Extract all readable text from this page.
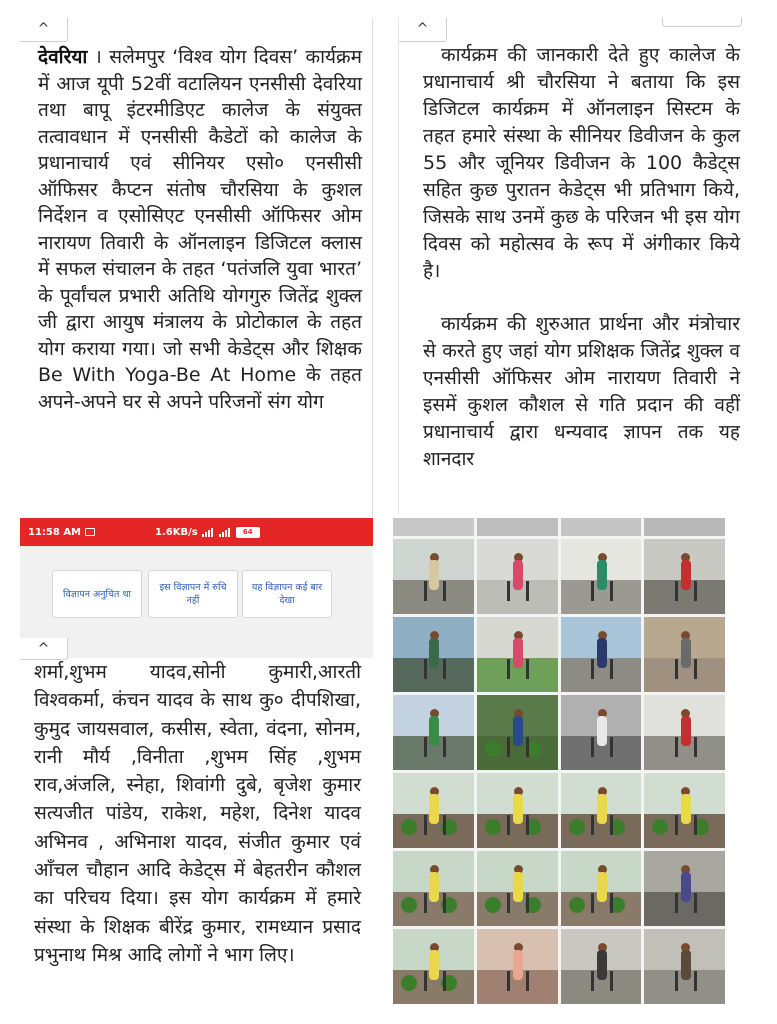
^
देवरिया । सलेमपुर ‘विश्व योग दिवस’ कार्यक्रम में आज यूपी 52वीं वटालियन एनसीसी देवरिया तथा बापू इंटरमीडिएट कालेज के संयुक्त तत्वावधान में एनसीसी कैडेटों को कालेज के प्रधानाचार्य एवं सीनियर एसो० एनसीसी ऑफिसर कैप्टन संतोष चौरसिया के कुशल निर्देशन व एसोसिएट एनसीसी ऑफिसर ओम नारायण तिवारी के ऑनलाइन डिजिटल क्लास में सफल संचालन के तहत ‘पतंजलि युवा भारत’ के पूर्वांचल प्रभारी अतिथि योगगुरु जितेंद्र शुक्ल जी द्वारा आयुष मंत्रालय के प्रोटोकाल के तहत योग कराया गया। जो सभी केडेट्स और शिक्षक Be With Yoga-Be At Home के तहत अपने-अपने घर से अपने परिजनों संग योग
^

कार्यक्रम की जानकारी देते हुए कालेज के प्रधानाचार्य श्री चौरसिया ने बताया कि इस डिजिटल कार्यक्रम में ऑनलाइन सिस्टम के तहत हमारे संस्था के सीनियर डिवीजन के कुल 55 और जूनियर डिवीजन के 100 कैडेट्स सहित कुछ पुरातन केडेट्स भी प्रतिभाग किये, जिसके साथ उनमें कुछ के परिजन भी इस योग दिवस को महोत्सव के रूप में अंगीकार किये है।

कार्यक्रम की शुरुआत प्रार्थना और मंत्रोचार से करते हुए जहां योग प्रशिक्षक जितेंद्र शुक्ल व एनसीसी ऑफिसर ओम नारायण तिवारी ने इसमें कुशल कौशल से गति प्रदान की वहीं प्रधानाचार्य द्वारा धन्यवाद ज्ञापन तक यह शानदार

11:58 AM	1.6KB/s	64
विज्ञापन अनुचित था
इस विज्ञापन में रुचि नहीं
यह विज्ञापन कई बार देखा
^
शर्मा,शुभम यादव,सोनी कुमारी,आरती विश्वकर्मा, कंचन यादव के साथ कु० दीपशिखा, कुमुद जायसवाल, कसीस, स्वेता, वंदना, सोनम, रानी मौर्य ,विनीता ,शुभम सिंह ,शुभम राव,अंजलि, स्नेहा, शिवांगी दुबे, बृजेश कुमार सत्यजीत पांडेय, राकेश, महेश, दिनेश यादव अभिनव , अभिनाश यादव, संजीत कुमार एवं आँचल चौहान आदि केडेट्स में बेहतरीन कौशल का परिचय दिया। इस योग कार्यक्रम में हमारे संस्था के शिक्षक बीरेंद्र कुमार, रामध्यान प्रसाद प्रभुनाथ मिश्र आदि लोगों ने भाग लिए।
